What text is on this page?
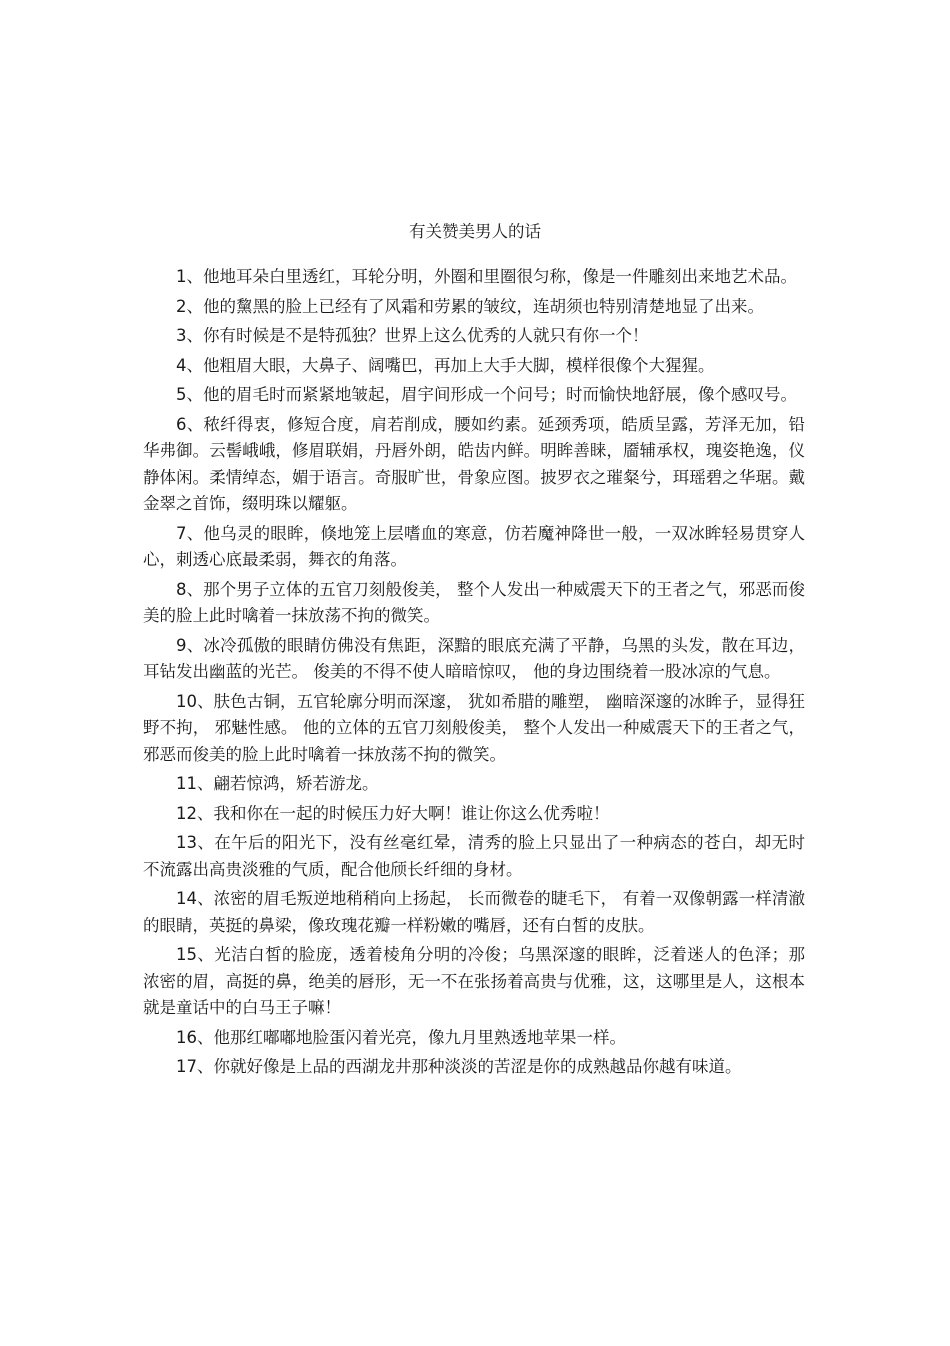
有关赞美男人的话

1、他地耳朵白里透红，耳轮分明，外圈和里圈很匀称，像是一件雕刻出来地艺术品。

2、他的黧黑的脸上已经有了风霜和劳累的皱纹，连胡须也特别清楚地显了出来。

3、你有时候是不是特孤独？世界上这么优秀的人就只有你一个！

4、他粗眉大眼，大鼻子、阔嘴巴，再加上大手大脚，模样很像个大猩猩。

5、他的眉毛时而紧紧地皱起，眉宇间形成一个问号；时而愉快地舒展，像个感叹号。

6、秾纤得衷，修短合度，肩若削成，腰如约素。延颈秀项，皓质呈露，芳泽无加，铅华弗御。云髻峨峨，修眉联娟，丹唇外朗，皓齿内鲜。明眸善睐，靥辅承权，瑰姿艳逸，仪静体闲。柔情绰态，媚于语言。奇服旷世，骨象应图。披罗衣之璀粲兮，珥瑶碧之华琚。戴金翠之首饰，缀明珠以耀躯。

7、他乌灵的眼眸，倏地笼上层嗜血的寒意，仿若魔神降世一般，一双冰眸轻易贯穿人心，刺透心底最柔弱，舞衣的角落。

8、那个男子立体的五官刀刻般俊美， 整个人发出一种威震天下的王者之气，邪恶而俊美的脸上此时噙着一抹放荡不拘的微笑。

9、冰冷孤傲的眼睛仿佛没有焦距，深黯的眼底充满了平静，乌黑的头发，散在耳边， 耳钻发出幽蓝的光芒。 俊美的不得不使人暗暗惊叹， 他的身边围绕着一股冰凉的气息。

10、肤色古铜，五官轮廓分明而深邃， 犹如希腊的雕塑， 幽暗深邃的冰眸子，显得狂野不拘， 邪魅性感。 他的立体的五官刀刻般俊美， 整个人发出一种威震天下的王者之气，邪恶而俊美的脸上此时噙着一抹放荡不拘的微笑。

11、翩若惊鸿，矫若游龙。

12、我和你在一起的时候压力好大啊！谁让你这么优秀啦！

13、在午后的阳光下，没有丝毫红晕，清秀的脸上只显出了一种病态的苍白，却无时不流露出高贵淡雅的气质，配合他颀长纤细的身材。

14、浓密的眉毛叛逆地稍稍向上扬起， 长而微卷的睫毛下， 有着一双像朝露一样清澈的眼睛，英挺的鼻梁，像玫瑰花瓣一样粉嫩的嘴唇，还有白皙的皮肤。

15、光洁白皙的脸庞，透着棱角分明的冷俊；乌黑深邃的眼眸，泛着迷人的色泽；那浓密的眉，高挺的鼻，绝美的唇形，无一不在张扬着高贵与优雅，这，这哪里是人，这根本就是童话中的白马王子嘛！

16、他那红嘟嘟地脸蛋闪着光亮，像九月里熟透地苹果一样。

17、你就好像是上品的西湖龙井那种淡淡的苦涩是你的成熟越品你越有味道。
